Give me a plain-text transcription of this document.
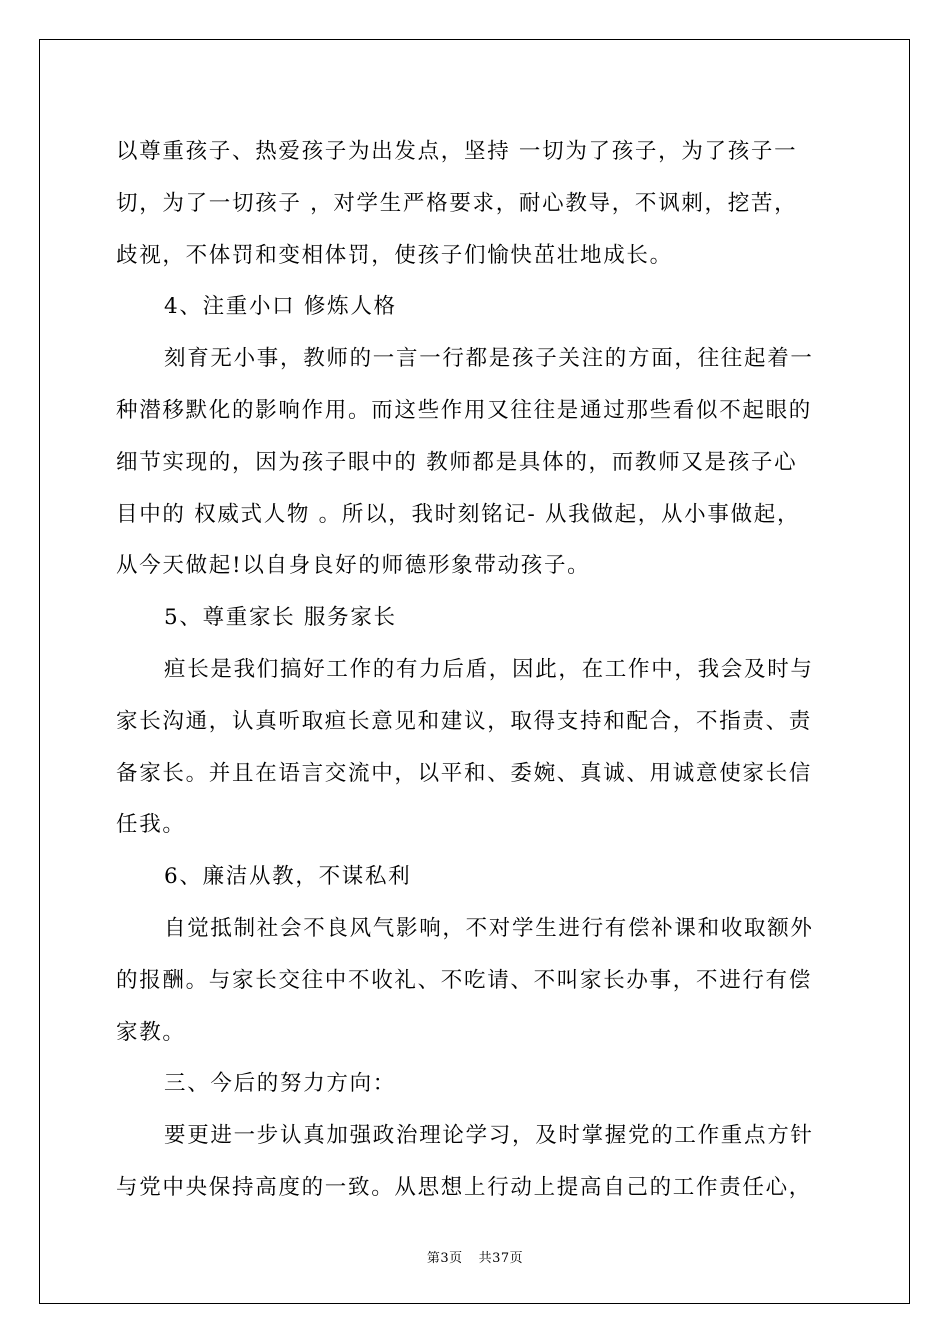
以尊重孩子、热爱孩子为出发点，坚持 一切为了孩子，为了孩子一
切，为了一切孩子 ，对学生严格要求，耐心教导，不讽刺，挖苦，
歧视，不体罚和变相体罚，使孩子们愉快茁壮地成长。

4、注重小口 修炼人格

刻育无小事，教师的一言一行都是孩子关注的方面，往往起着一
种潜移默化的影响作用。而这些作用又往往是通过那些看似不起眼的
细节实现的，因为孩子眼中的 教师都是具体的，而教师又是孩子心
目中的 权威式人物 。所以，我时刻铭记- 从我做起，从小事做起，
从今天做起!以自身良好的师德形象带动孩子。

5、尊重家长 服务家长

疸长是我们搞好工作的有力后盾，因此，在工作中，我会及时与
家长沟通，认真听取疸长意见和建议，取得支持和配合，不指责、责
备家长。并且在语言交流中，以平和、委婉、真诚、用诚意使家长信
任我。

6、廉洁从教，不谋私利

自觉抵制社会不良风气影响，不对学生进行有偿补课和收取额外
的报酬。与家长交往中不收礼、不吃请、不叫家长办事，不进行有偿
家教。

三、今后的努力方向：

要更进一步认真加强政治理论学习，及时掌握党的工作重点方针
与党中央保持高度的一致。从思想上行动上提高自己的工作责任心，

第3页 共37页
